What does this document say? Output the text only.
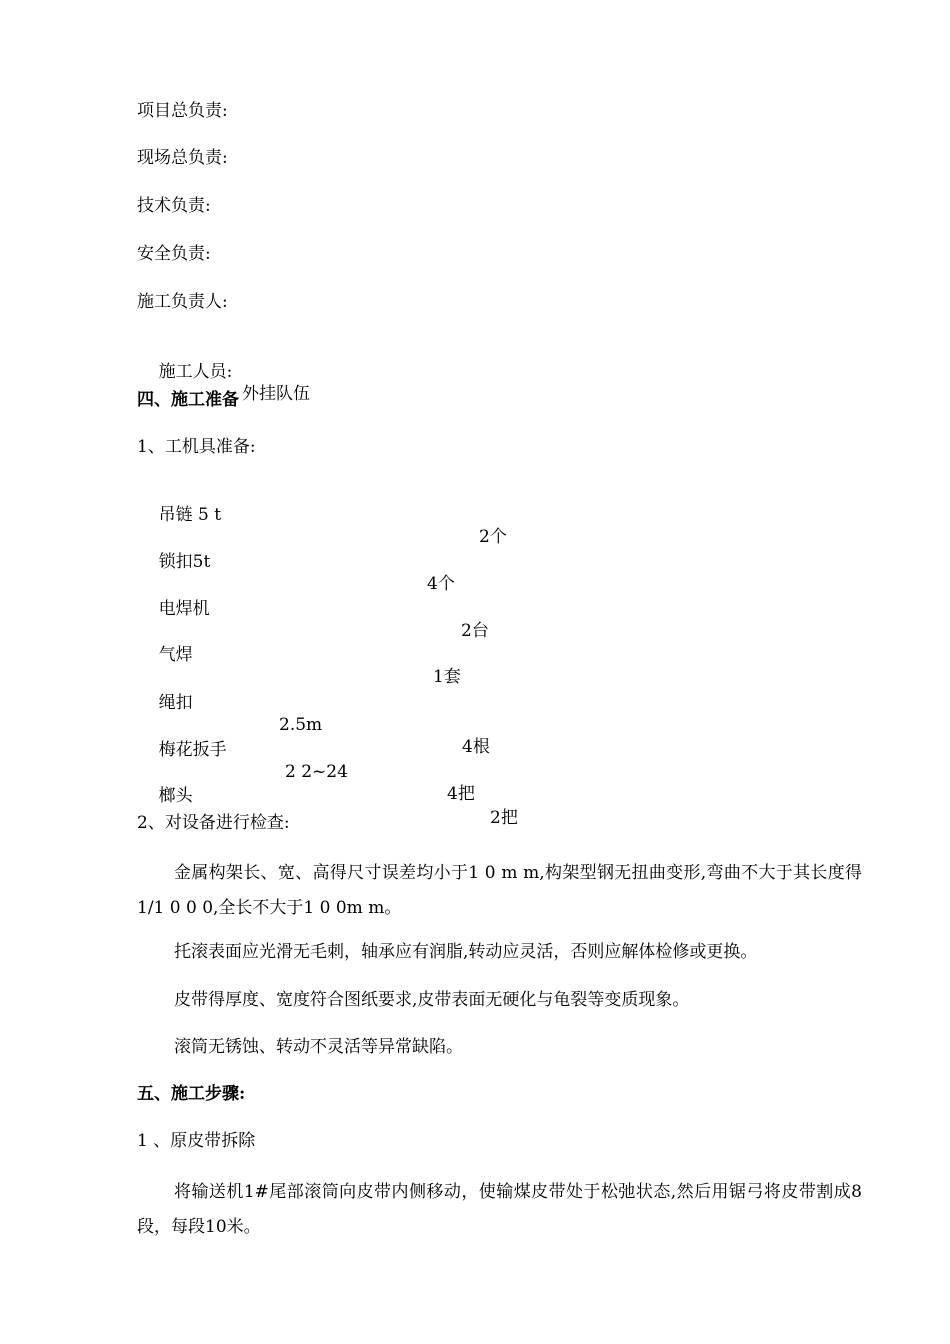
项目总负责:
现场总负责:
技术负责:
安全负责:
施工负责人:

施工人员:

外挂队伍

四、施工准备
1、工机具准备:

吊链 5 t

2个

锁扣5t

4个

电焊机

2台

气焊

1套

绳扣

2.5m

4根

梅花扳手

2 2~24

4把

榔头

2把

2、对设备进行检查:
金属构架长、宽、高得尺寸误差均小于1 0 m m,构架型钢无扭曲变形,弯曲不大于其长度得1/1 0 0 0,全长不大于1 0 0m m。
托滚表面应光滑无毛刺，轴承应有润脂,转动应灵活，否则应解体检修或更换。
皮带得厚度、宽度符合图纸要求,皮带表面无硬化与龟裂等变质现象。
滚筒无锈蚀、转动不灵活等异常缺陷。
五、施工步骤:
1 、原皮带拆除
将输送机1#尾部滚筒向皮带内侧移动，使输煤皮带处于松弛状态,然后用锯弓将皮带割成8段，每段10米。
